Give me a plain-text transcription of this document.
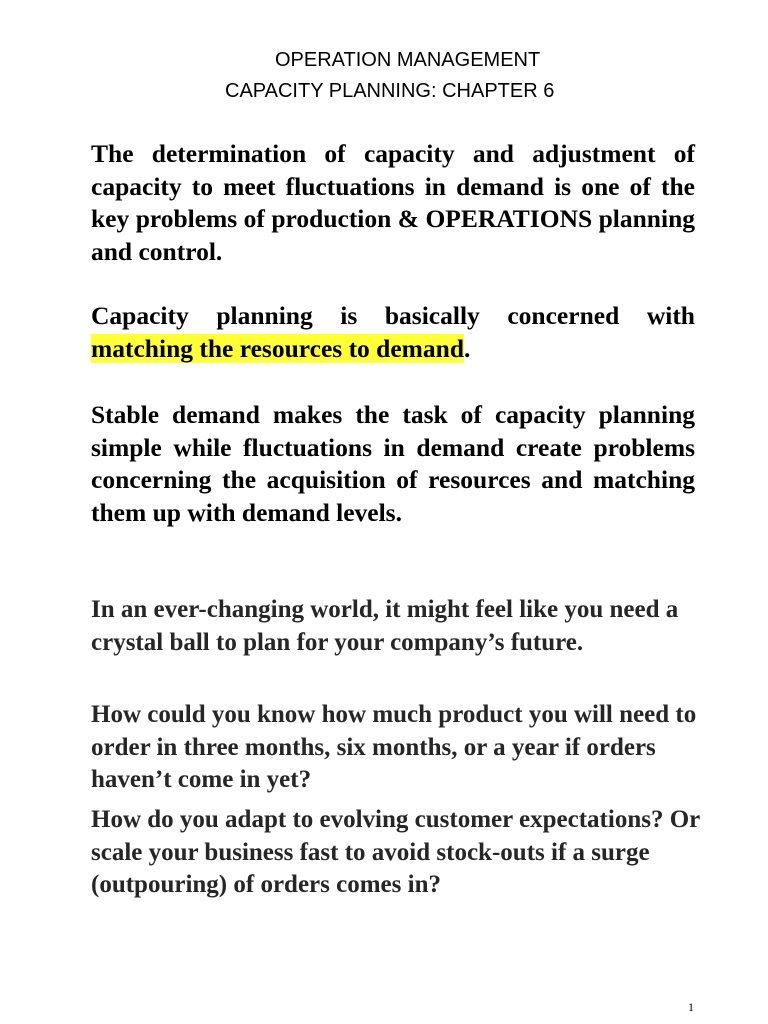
OPERATION MANAGEMENT
CAPACITY PLANNING: CHAPTER 6

The determination of capacity and adjustment of capacity to meet fluctuations in demand is one of the key problems of production & OPERATIONS planning and control.

Capacity planning is basically concerned with matching the resources to demand.

Stable demand makes the task of capacity planning simple while fluctuations in demand create problems concerning the acquisition of resources and matching them up with demand levels.

In an ever-changing world, it might feel like you need a crystal ball to plan for your company’s future.

How could you know how much product you will need to order in three months, six months, or a year if orders haven’t come in yet?

How do you adapt to evolving customer expectations? Or scale your business fast to avoid stock-outs if a surge (outpouring) of orders comes in?

1
